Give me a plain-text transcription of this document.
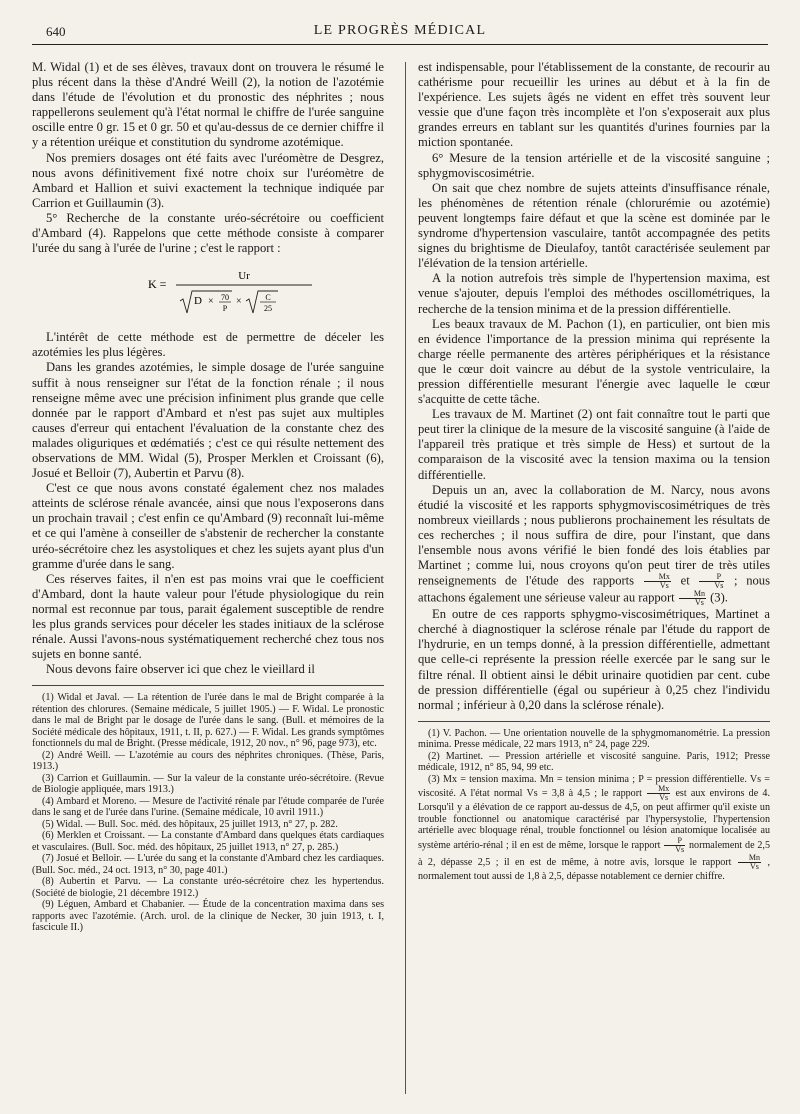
640	LE PROGRÈS MÉDICAL

M. Widal (1) et de ses élèves, travaux dont on trouvera le résumé le plus récent dans la thèse d'André Weill (2), la notion de l'azotémie dans l'étude de l'évolution et du pronostic des néphrites ; nous rappellerons seulement qu'à l'état normal le chiffre de l'urée sanguine oscille entre 0 gr. 15 et 0 gr. 50 et qu'au-dessus de ce dernier chiffre il y a rétention uréique et constitution du syndrome azotémique.

Nos premiers dosages ont été faits avec l'uréomètre de Desgrez, nous avons définitivement fixé notre choix sur l'uréomètre de Ambard et Hallion et suivi exactement la technique indiquée par Carrion et Guillaumin (3).

5° Recherche de la constante uréo-sécrétoire ou coefficient d'Ambard (4). Rappelons que cette méthode consiste à comparer l'urée du sang à l'urée de l'urine ; c'est le rapport :

K =
Ur
D × 70
P
×	C
25

L'intérêt de cette méthode est de permettre de déceler les azotémies les plus légères.

Dans les grandes azotémies, le simple dosage de l'urée sanguine suffit à nous renseigner sur l'état de la fonction rénale ; il nous renseigne même avec une précision infiniment plus grande que celle donnée par le rapport d'Ambard et n'est pas sujet aux multiples causes d'erreur qui entachent l'évaluation de la constante chez des malades oliguriques et œdématiés ; c'est ce qui résulte nettement des observations de MM. Widal (5), Prosper Merklen et Croissant (6), Josué et Belloir (7), Aubertin et Parvu (8).

C'est ce que nous avons constaté également chez nos malades atteints de sclérose rénale avancée, ainsi que nous l'exposerons dans un prochain travail ; c'est enfin ce qu'Ambard (9) reconnaît lui-même et ce qui l'amène à conseiller de s'abstenir de rechercher la constante uréo-sécrétoire chez les asystoliques et chez les sujets ayant plus d'un gramme d'urée dans le sang.

Ces réserves faites, il n'en est pas moins vrai que le coefficient d'Ambard, dont la haute valeur pour l'étude physiologique du rein normal est reconnue par tous, parait également susceptible de rendre les plus grands services pour déceler les stades initiaux de la sclérose rénale. Aussi l'avons-nous systématiquement recherché chez tous nos sujets en bonne santé.

Nous devons faire observer ici que chez le vieillard il

(1) Widal et Javal. — La rétention de l'urée dans le mal de Bright comparée à la rétention des chlorures. (Semaine médicale, 5 juillet 1905.) — F. Widal. Le pronostic dans le mal de Bright par le dosage de l'urée dans le sang. (Bull. et mémoires de la Société médicale des hôpitaux, 1911, t. II, p. 627.) — F. Widal. Les grands symptômes fonctionnels du mal de Bright. (Presse médicale, 1912, 20 nov., n° 96, page 973), etc.

(2) André Weill. — L'azotémie au cours des néphrites chroniques. (Thèse, Paris, 1913.)

(3) Carrion et Guillaumin. — Sur la valeur de la constante uréo-sécrétoire. (Revue de Biologie appliquée, mars 1913.)

(4) Ambard et Moreno. — Mesure de l'activité rénale par l'étude comparée de l'urée dans le sang et de l'urée dans l'urine. (Semaine médicale, 10 avril 1911.)

(5) Widal. — Bull. Soc. méd. des hôpitaux, 25 juillet 1913, n° 27, p. 282.

(6) Merklen et Croissant. — La constante d'Ambard dans quelques états cardiaques et vasculaires. (Bull. Soc. méd. des hôpitaux, 25 juillet 1913, n° 27, p. 285.)

(7) Josué et Belloir. — L'urée du sang et la constante d'Ambard chez les cardiaques. (Bull. Soc. méd., 24 oct. 1913, n° 30, page 401.)

(8) Aubertin et Parvu. — La constante uréo-sécrétoire chez les hypertendus. (Société de biologie, 21 décembre 1912.)

(9) Léguen, Ambard et Chabanier. — Étude de la concentration maxima dans ses rapports avec l'azotémie. (Arch. urol. de la clinique de Necker, 30 juin 1913, t. I, fascicule II.)

est indispensable, pour l'établissement de la constante, de recourir au cathérisme pour recueillir les urines au début et à la fin de l'expérience. Les sujets âgés ne vident en effet très souvent leur vessie que d'une façon très incomplète et l'on s'exposerait aux plus grandes erreurs en tablant sur les quantités d'urines fournies par la miction spontanée.

6° Mesure de la tension artérielle et de la viscosité sanguine ; sphygmoviscosimétrie.

On sait que chez nombre de sujets atteints d'insuffisance rénale, les phénomènes de rétention rénale (chlorurémie ou azotémie) peuvent longtemps faire défaut et que la scène est dominée par le syndrome d'hypertension vasculaire, tantôt accompagnée des petits signes du brightisme de Dieulafoy, tantôt caractérisée seulement par l'élévation de la tension artérielle.

A la notion autrefois très simple de l'hypertension maxima, est venue s'ajouter, depuis l'emploi des méthodes oscillométriques, la recherche de la tension minima et de la pression différentielle.

Les beaux travaux de M. Pachon (1), en particulier, ont bien mis en évidence l'importance de la pression minima qui représente la charge réelle permanente des artères périphériques et la résistance que le cœur doit vaincre au début de la systole ventriculaire, la pression différentielle mesurant l'énergie avec laquelle le cœur s'acquitte de cette tâche.

Les travaux de M. Martinet (2) ont fait connaître tout le parti que peut tirer la clinique de la mesure de la viscosité sanguine (à l'aide de l'appareil très pratique et très simple de Hess) et surtout de la comparaison de la viscosité avec la tension maxima ou la tension différentielle.

Depuis un an, avec la collaboration de M. Narcy, nous avons étudié la viscosité et les rapports sphygmoviscosimétriques de très nombreux vieillards ; nous publierons prochainement les résultats de ces recherches ; il nous suffira de dire, pour l'instant, que dans l'ensemble nous avons vérifié le bien fondé des lois établies par Martinet ; comme lui, nous croyons qu'on peut tirer de très utiles renseignements de l'étude des rapports $\frac{Mx}{Vs}$ et $\frac{P}{Vs}$ ; nous attachons également une sérieuse valeur au rapport $\frac{Mn}{Vs} (3)$.

En outre de ces rapports sphygmo-viscosimétriques, Martinet a cherché à diagnostiquer la sclérose rénale par l'étude du rapport de l'hydrurie, en un temps donné, à la pression différentielle, admettant que celle-ci représente la pression réelle exercée par le sang sur le filtre rénal. Il obtient ainsi le débit urinaire quotidien par cent. cube de pression différentielle (égal ou supérieur à 0,25 chez l'individu normal ; inférieur à 0,20 dans la sclérose rénale).

(1) V. Pachon. — Une orientation nouvelle de la sphygmomanométrie. La pression minima. Presse médicale, 22 mars 1913, n° 24, page 229.

(2) Martinet. — Pression artérielle et viscosité sanguine. Paris, 1912; Presse médicale, 1912, n° 85, 94, 99 etc.

(3) Mx = tension maxima. Mn = tension minima ; P = pression différentielle. Vs = viscosité. A l'état normal Vs = 3,8 à 4,5 ; le rapport $\frac{Mx}{Vs}$ est aux environs de 4. Lorsqu'il y a élévation de ce rapport au-dessus de 4,5, on peut affirmer qu'il existe un trouble fonctionnel ou anatomique caractérisé par l'hypersystolie, l'hypertension artérielle avec bloquage rénal, trouble fonctionnel ou lésion anatomique localisée au système artério-rénal ; il en est de même, lorsque le rapport $\frac{P}{Vs}$ normalement de 2,5 à 2, dépasse 2,5 ; il en est de même, à notre avis, lorsque le rapport $\frac{Mn}{Vs}$ , normalement tout aussi de 1,8 à 2,5, dépasse notablement ce dernier chiffre.
